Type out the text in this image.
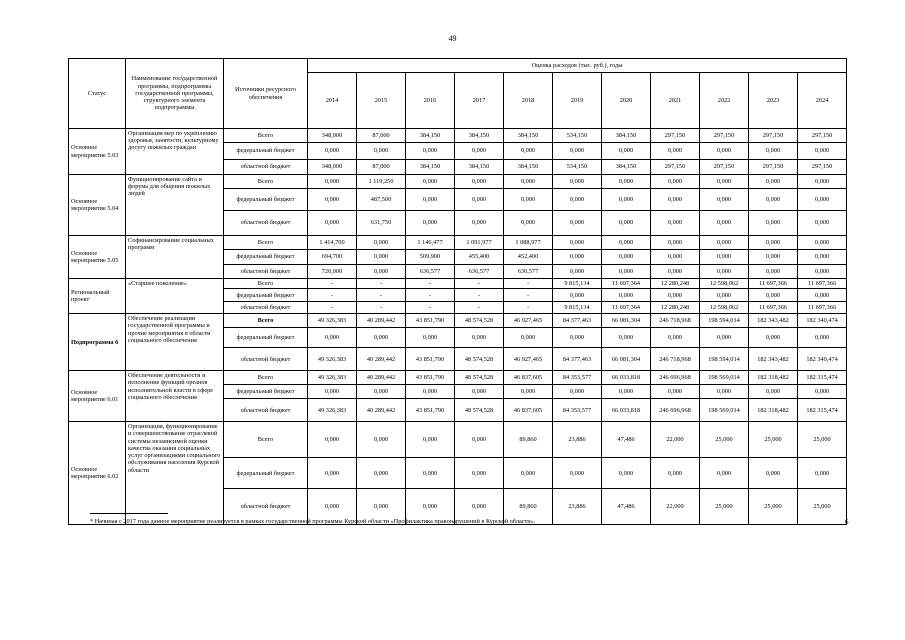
49
Статус	Наименование государственной программы, подпрограммы государственной программы, структурного элемента подпрограммы	Источники ресурсного обеспечения	Оценка расходов (тыс. руб.), годы										
			2014	2015	2016	2017	2018	2019	2020	2021	2022	2023	2024
Основное мероприятие 5.03	Организация мер по укреплению здоровья, занятости, культурному досугу пожилых граждан	Всего	348,000	87,000	384,150	384,150	384,150	534,150	384,150	297,150	297,150	297,150	297,150
		федеральный бюджет	0,000	0,000	0,000	0,000	0,000	0,000	0,000	0,000	0,000	0,000	0,000
		областной бюджет	348,000	87,000	384,150	384,150	384,150	534,150	384,150	297,150	297,150	297,150	297,150
Основное мероприятие 5.04	Функционирование сайта и форума для общения пожилых людей	Всего	0,000	1 119,250	0,000	0,000	0,000	0,000	0,000	0,000	0,000	0,000	0,000
		федеральный бюджет	0,000	487,500	0,000	0,000	0,000	0,000	0,000	0,000	0,000	0,000	0,000
		областной бюджет	0,000	631,750	0,000	0,000	0,000	0,000	0,000	0,000	0,000	0,000	0,000
Основное мероприятие 5.05	Софинансирование социальных программ	Всего	1 414,700	0,000	1 146,477	1 091,977	1 088,977	0,000	0,000	0,000	0,000	0,000	0,000
		федеральный бюджет	694,700	0,000	509,900	455,400	452,400	0,000	0,000	0,000	0,000	0,000	0,000
		областной бюджет	720,000	0,000	636,577	636,577	636,577	0,000	0,000	0,000	0,000	0,000	0,000
Региональный проект	«Старшее поколение»	Всего	-	-	-	-	-	9 815,134	11 697,364	12 280,248	12 598,062	11 697,366	11 697,366
		федеральный бюджет	-	-	-	-	-	0,000	0,000	0,000	0,000	0,000	0,000
		областной бюджет	-	-	-	-	-	9 815,134	11 697,364	12 280,248	12 598,062	11 697,366	11 697,366
Подпрограмма 6	Обеспечение реализации государственной программы и прочие мероприятия в области социального обеспечения	Всего	49 326,383	40 289,442	43 851,790	48 574,528	46 927,465	84 377,463	66 081,304	246 718,968	198 594,014	182 343,482	182 340,474
		федеральный бюджет	0,000	0,000	0,000	0,000	0,000	0,000	0,000	0,000	0,000	0,000	0,000
		областной бюджет	49 326,383	40 289,442	43 851,790	48 574,528	46 927,465	84 377,463	66 081,304	246 718,968	198 594,014	182 343,482	182 340,474
Основное мероприятие 6.01	Обеспечение деятельности и исполнение функций органов исполнительной власти в сфере социального обеспечения	Всего	49 326,383	40 289,442	43 851,790	48 574,528	46 837,605	84 353,577	66 033,818	246 696,968	198 569,014	182 318,482	182 315,474
		федеральный бюджет	0,000	0,000	0,000	0,000	0,000	0,000	0,000	0,000	0,000	0,000	0,000
		областной бюджет	49 326,383	40 289,442	43 851,790	48 574,528	46 837,605	84 353,577	66 033,818	246 696,968	198 569,014	182 318,482	182 315,474
Основное мероприятие 6.02	Организация, функционирование и совершенствование отраслевой системы независимой оценки качества оказания социальных услуг организациями социального обслуживания населения Курской области	Всего	0,000	0,000	0,000	0,000	89,860	23,886	47,486	22,000	25,000	25,000	25,000
		федеральный бюджет	0,000	0,000	0,000	0,000	0,000	0,000	0,000	0,000	0,000	0,000	0,000
		областной бюджет	0,000	0,000	0,000	0,000	89,860	23,886	47,486	22,000	25,000	25,000	25,000
* Начиная с 2017 года данное мероприятие реализуется в рамках государственной программы Курской области «Профилактика правонарушений в Курской области».	6
